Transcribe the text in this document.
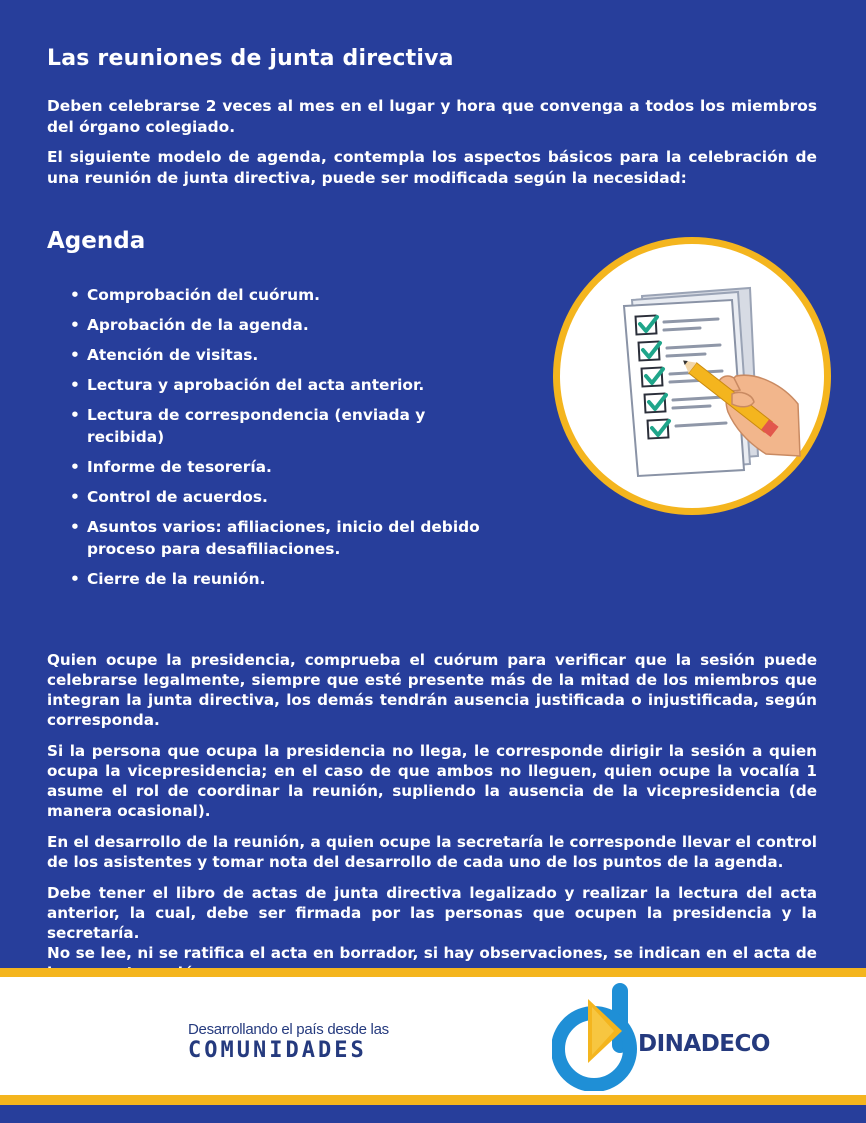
Las reuniones de junta directiva

Deben celebrarse 2 veces al mes en el lugar y hora que convenga a todos los miembros del órgano colegiado.

El siguiente modelo de agenda, contempla los aspectos básicos para la celebración de una reunión de junta directiva, puede ser modificada según la necesidad:

Agenda
• Comprobación del cuórum.
• Aprobación de la agenda.
• Atención de visitas.
• Lectura y aprobación del acta anterior.
• Lectura de correspondencia (enviada y recibida)
• Informe de tesorería.
• Control de acuerdos.
• Asuntos varios: afiliaciones, inicio del debido proceso para desafiliaciones.
• Cierre de la reunión.

Quien ocupe la presidencia, comprueba el cuórum para verificar que la sesión puede celebrarse legalmente, siempre que esté presente más de la mitad de los miembros que integran la junta directiva, los demás tendrán ausencia justificada o injustificada, según corresponda.

Si la persona que ocupa la presidencia no llega, le corresponde dirigir la sesión a quien ocupa la vicepresidencia; en el caso de que ambos no lleguen, quien ocupe la vocalía 1 asume el rol de coordinar la reunión, supliendo la ausencia de la vicepresidencia (de manera ocasional).

En el desarrollo de la reunión, a quien ocupe la secretaría le corresponde llevar el control de los asistentes y tomar nota del desarrollo de cada uno de los puntos de la agenda.

Debe tener el libro de actas de junta directiva legalizado y realizar la lectura del acta anterior, la cual, debe ser firmada por las personas que ocupen la presidencia y la secretaría.

No se lee, ni se ratifica el acta en borrador, si hay observaciones, se indican en el acta de

Desarrollando el país desde las
COMUNIDADES	DINADECO
